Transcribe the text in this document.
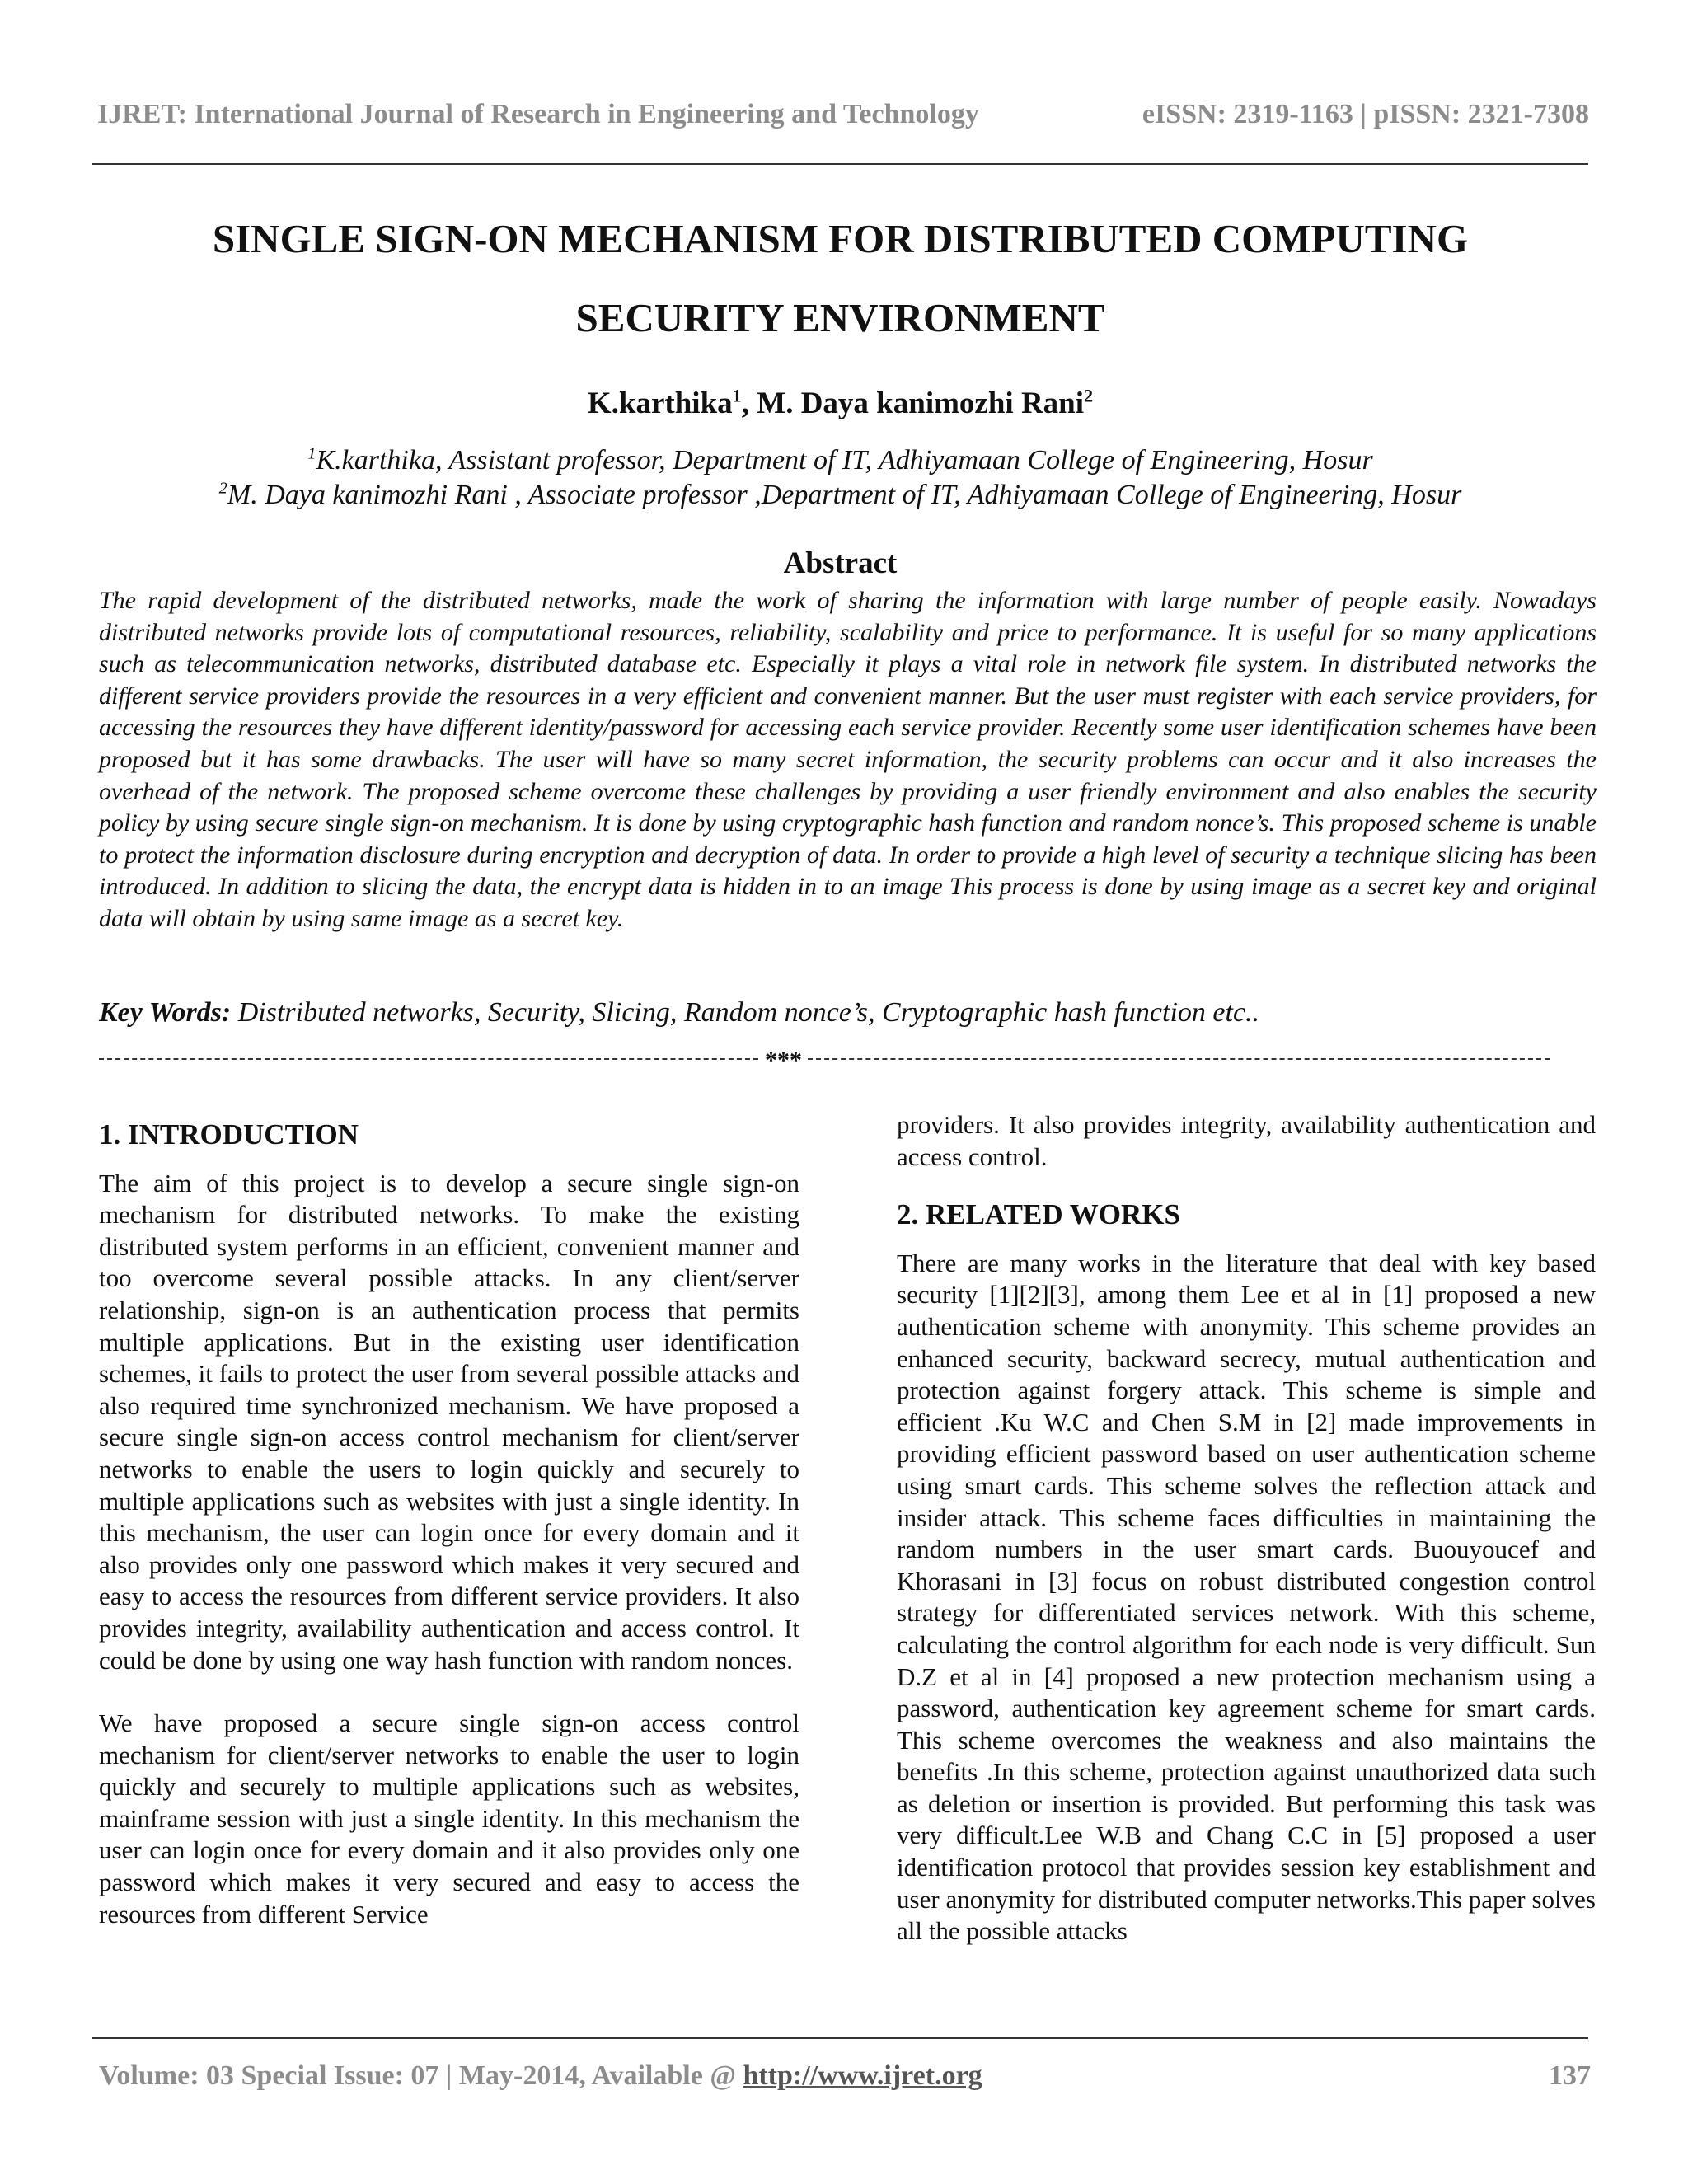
IJRET: International Journal of Research in Engineering and Technology	eISSN: 2319-1163 | pISSN: 2321-7308
SINGLE SIGN-ON MECHANISM FOR DISTRIBUTED COMPUTING
SECURITY ENVIRONMENT
K.karthika$^1$, M. Daya kanimozhi Rani$^2$
$^1$K.karthika, Assistant professor, Department of IT, Adhiyamaan College of Engineering, Hosur
$^2$M. Daya kanimozhi Rani , Associate professor ,Department of IT, Adhiyamaan College of Engineering, Hosur
Abstract
The rapid development of the distributed networks, made the work of sharing the information with large number of people easily. Nowadays distributed networks provide lots of computational resources, reliability, scalability and price to performance. It is useful for so many applications such as telecommunication networks, distributed database etc. Especially it plays a vital role in network file system. In distributed networks the different service providers provide the resources in a very efficient and convenient manner. But the user must register with each service providers, for accessing the resources they have different identity/password for accessing each service provider. Recently some user identification schemes have been proposed but it has some drawbacks. The user will have so many secret information, the security problems can occur and it also increases the overhead of the network. The proposed scheme overcome these challenges by providing a user friendly environment and also enables the security policy by using secure single sign-on mechanism. It is done by using cryptographic hash function and random nonce’s. This proposed scheme is unable to protect the information disclosure during encryption and decryption of data. In order to provide a high level of security a technique slicing has been introduced. In addition to slicing the data, the encrypt data is hidden in to an image This process is done by using image as a secret key and original data will obtain by using same image as a secret key.
Key Words: Distributed networks, Security, Slicing, Random nonce’s, Cryptographic hash function etc..
***
1. INTRODUCTION

The aim of this project is to develop a secure single sign-on mechanism for distributed networks. To make the existing distributed system performs in an efficient, convenient manner and too overcome several possible attacks. In any client/server relationship, sign-on is an authentication process that permits multiple applications. But in the existing user identification schemes, it fails to protect the user from several possible attacks and also required time synchronized mechanism. We have proposed a secure single sign-on access control mechanism for client/server networks to enable the users to login quickly and securely to multiple applications such as websites with just a single identity. In this mechanism, the user can login once for every domain and it also provides only one password which makes it very secured and easy to access the resources from different service providers. It also provides integrity, availability authentication and access control. It could be done by using one way hash function with random nonces.

We have proposed a secure single sign-on access control mechanism for client/server networks to enable the user to login quickly and securely to multiple applications such as websites, mainframe session with just a single identity. In this mechanism the user can login once for every domain and it also provides only one password which makes it very secured and easy to access the resources from different Service

providers. It also provides integrity, availability authentication and access control.

2. RELATED WORKS

There are many works in the literature that deal with key based security [1][2][3], among them Lee et al in [1] proposed a new authentication scheme with anonymity. This scheme provides an enhanced security, backward secrecy, mutual authentication and protection against forgery attack. This scheme is simple and efficient .Ku W.C and Chen S.M in [2] made improvements in providing efficient password based on user authentication scheme using smart cards. This scheme solves the reflection attack and insider attack. This scheme faces difficulties in maintaining the random numbers in the user smart cards. Buouyoucef and Khorasani in [3] focus on robust distributed congestion control strategy for differentiated services network. With this scheme, calculating the control algorithm for each node is very difficult. Sun D.Z et al in [4] proposed a new protection mechanism using a password, authentication key agreement scheme for smart cards. This scheme overcomes the weakness and also maintains the benefits .In this scheme, protection against unauthorized data such as deletion or insertion is provided. But performing this task was very difficult.Lee W.B and Chang C.C in [5] proposed a user identification protocol that provides session key establishment and user anonymity for distributed computer networks.This paper solves all the possible attacks

Volume: 03 Special Issue: 07 | May-2014, Available @ http://www.ijret.org	137
